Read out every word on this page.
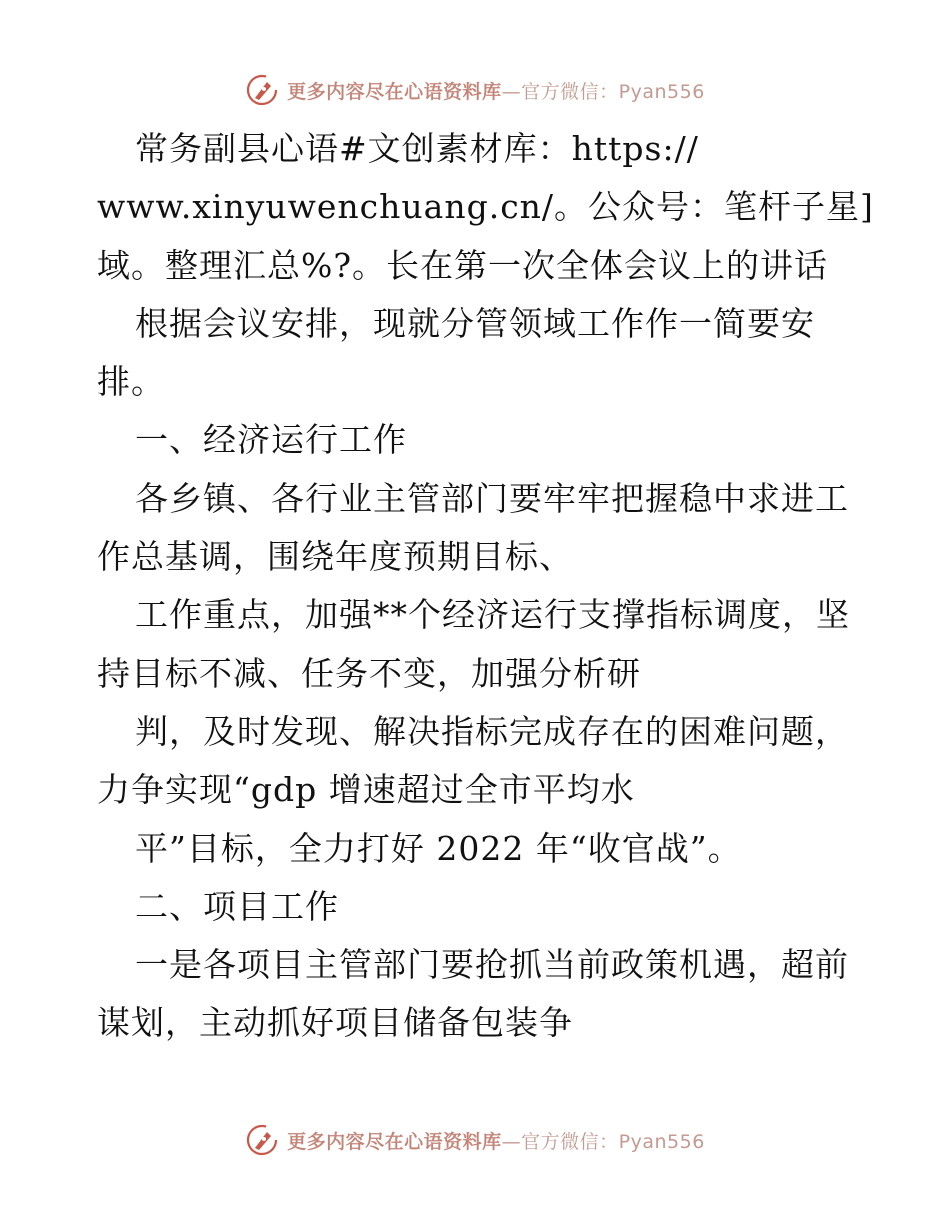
更多内容尽在心语资料库—官方微信：Pyan556
常务副县心语#文创素材库：https://
www.xinyuwenchuang.cn/。公众号：笔杆子星]
域。整理汇总%?。长在第一次全体会议上的讲话
根据会议安排，现就分管领域工作作一简要安
排。
一、经济运行工作
各乡镇、各行业主管部门要牢牢把握稳中求进工
作总基调，围绕年度预期目标、
工作重点，加强**个经济运行支撑指标调度，坚
持目标不减、任务不变，加强分析研
判，及时发现、解决指标完成存在的困难问题，
力争实现“gdp 增速超过全市平均水
平”目标，全力打好 2022 年“收官战”。
二、项目工作
一是各项目主管部门要抢抓当前政策机遇，超前
谋划，主动抓好项目储备包装争
更多内容尽在心语资料库—官方微信：Pyan556
